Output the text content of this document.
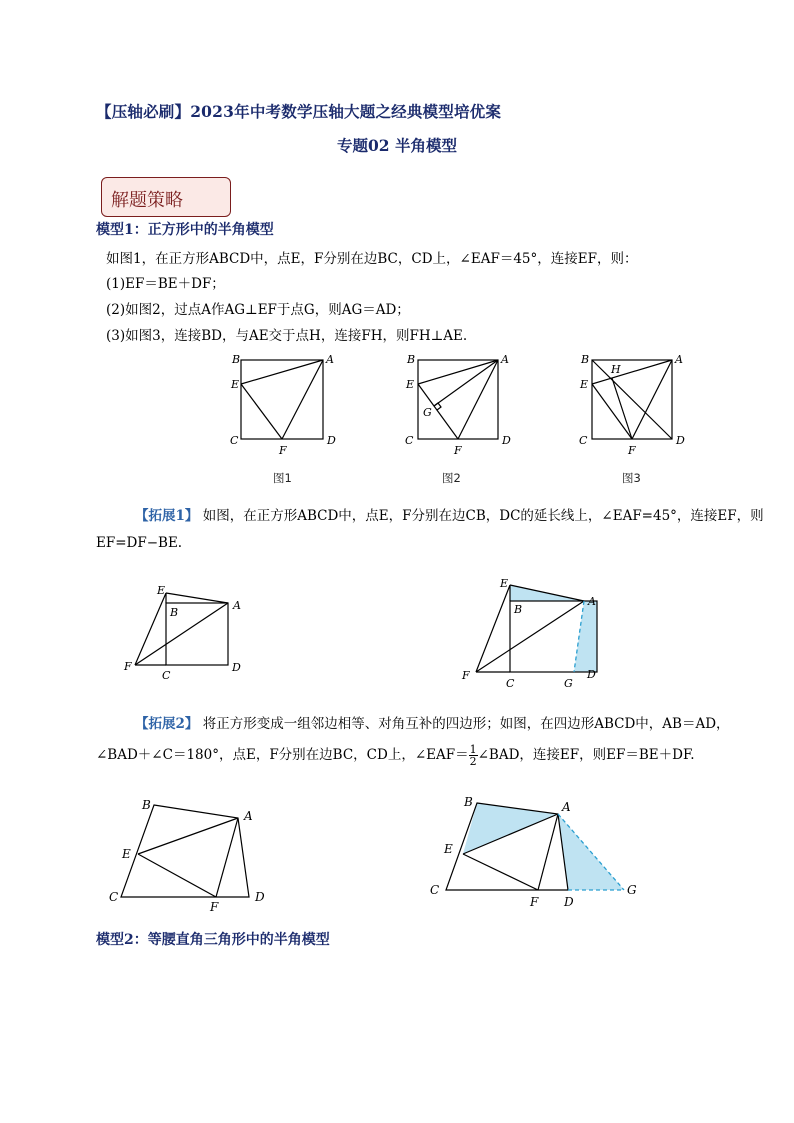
【压轴必刷】2023年中考数学压轴大题之经典模型培优案
专题02 半角模型
解题策略
模型1：正方形中的半角模型
如图1，在正方形ABCD中，点E，F分别在边BC，CD上，∠EAF＝45°，连接EF，则：
(1)EF＝BE＋DF；
(2)如图2，过点A作AG⊥EF于点G，则AG＝AD；
(3)如图3，连接BD，与AE交于点H，连接FH，则FH⊥AE.
B	A
E
C	D
F
图1
B	A
E
G
C	D
F
图2
B	A
H
E
C	D
F
图3
【拓展1】 如图，在正方形ABCD中，点E，F分别在边CB，DC的延长线上，∠EAF=45°，连接EF，则
EF=DF−BE.
E
B
A
F
C
D
E
B
A
F
C	G
D
【拓展2】 将正方形变成一组邻边相等、对角互补的四边形；如图，在四边形ABCD中，AB＝AD，
∠BAD＋∠C＝180°，点E，F分别在边BC，CD上，∠EAF＝ $\frac{1}{2}$ ∠BAD，连接EF，则EF＝BE＋DF.
B
A
E
C	D
F
B	A
E
C
F D
G
模型2：等腰直角三角形中的半角模型
